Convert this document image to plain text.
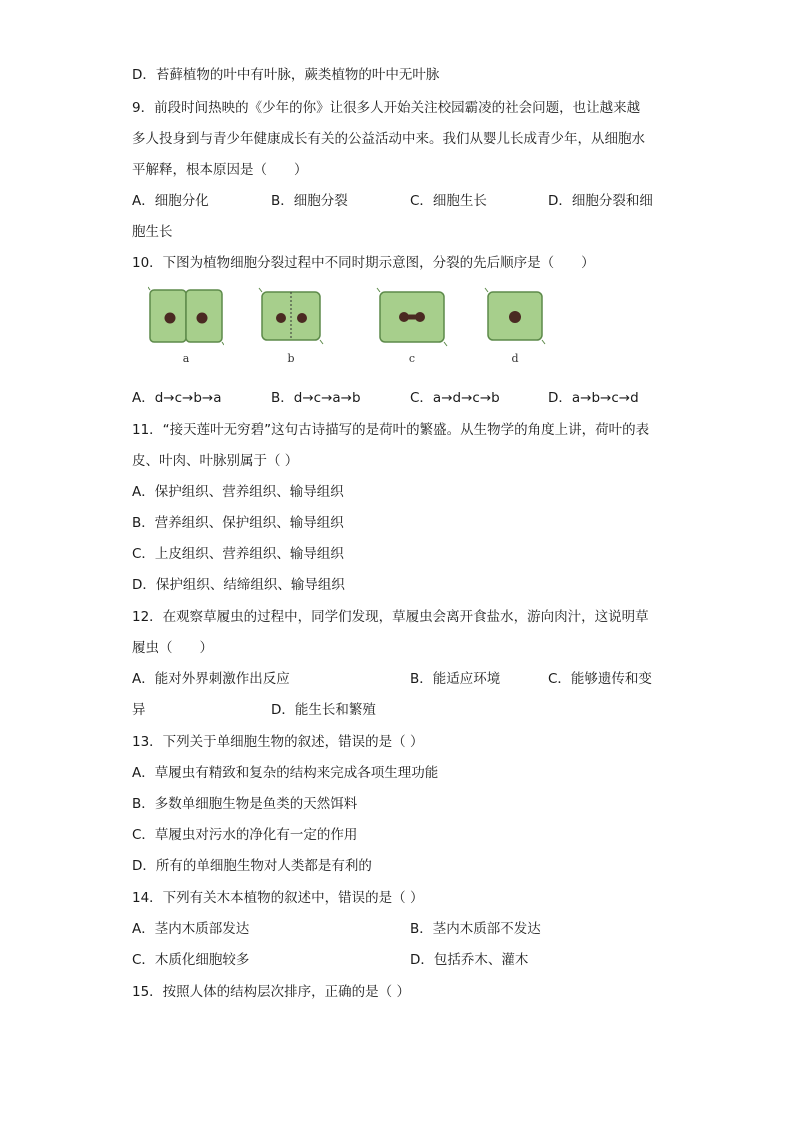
D．苔藓植物的叶中有叶脉，蕨类植物的叶中无叶脉
9．前段时间热映的《少年的你》让很多人开始关注校园霸凌的社会问题，也让越来越
多人投身到与青少年健康成长有关的公益活动中来。我们从婴儿长成青少年，从细胞水
平解释，根本原因是（　　）
A．细胞分化	B．细胞分裂	C．细胞生长	D．细胞分裂和细
胞生长
10．下图为植物细胞分裂过程中不同时期示意图，分裂的先后顺序是（　　）
a	b	c	d
A．d→c→b→a	B．d→c→a→b	C．a→d→c→b	D．a→b→c→d
11．“接天莲叶无穷碧”这句古诗描写的是荷叶的繁盛。从生物学的角度上讲，荷叶的表
皮、叶肉、叶脉别属于（ ）
A．保护组织、营养组织、输导组织
B．营养组织、保护组织、输导组织
C．上皮组织、营养组织、输导组织
D．保护组织、结缔组织、输导组织
12．在观察草履虫的过程中，同学们发现，草履虫会离开食盐水，游向肉汁，这说明草
履虫（　　）
A．能对外界刺激作出反应	B．能适应环境	C．能够遗传和变
异	D．能生长和繁殖
13．下列关于单细胞生物的叙述，错误的是（ ）
A．草履虫有精致和复杂的结构来完成各项生理功能
B．多数单细胞生物是鱼类的天然饵料
C．草履虫对污水的净化有一定的作用
D．所有的单细胞生物对人类都是有利的
14．下列有关木本植物的叙述中，错误的是（ ）
A．茎内木质部发达	B．茎内木质部不发达
C．木质化细胞较多	D．包括乔木、灌木
15．按照人体的结构层次排序，正确的是（ ）
